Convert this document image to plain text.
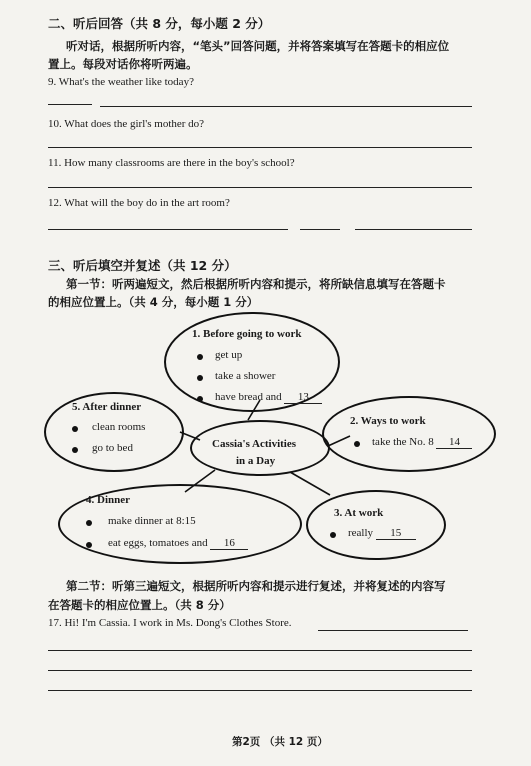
二、听后回答（共 8 分，每小题 2 分）
听对话，根据所听内容，“笔头”回答问题，并将答案填写在答题卡的相应位
置上。每段对话你将听两遍。
9. What's the weather like today?
10. What does the girl's mother do?
11. How many classrooms are there in the boy's school?
12. What will the boy do in the art room?
三、听后填空并复述（共 12 分）
第一节：听两遍短文，然后根据所听内容和提示，将所缺信息填写在答题卡
的相应位置上。（共 4 分，每小题 1 分）
1. Before going to work
get up
take a shower
have bread and 13
5. After dinner
clean rooms
go to bed	Cassia's Activities
in a Day
2. Ways to work
take the No. 8 14
4. Dinner
make dinner at 8:15
eat eggs, tomatoes and 16
3. At work
really 15
第二节：听第三遍短文，根据所听内容和提示进行复述，并将复述的内容写
在答题卡的相应位置上。（共 8 分）
17. Hi! I'm Cassia. I work in Ms. Dong's Clothes Store.
第2页 （共 12 页）
